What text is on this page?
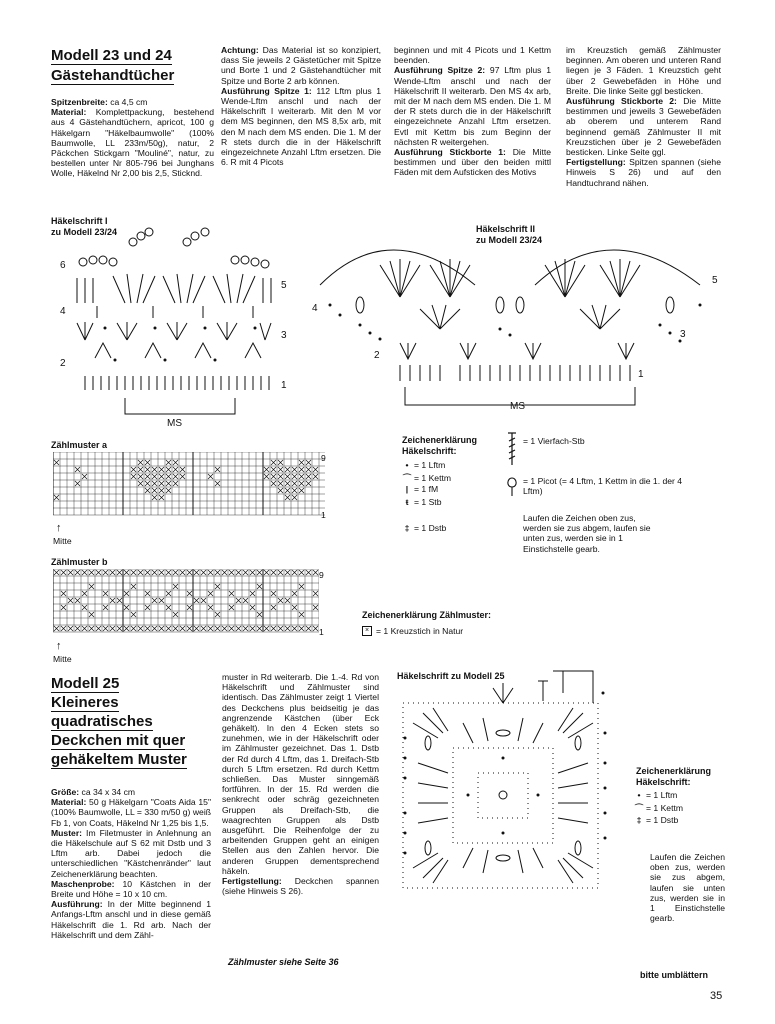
Modell 23 und 24
Gästehandtücher

Spitzenbreite: ca 4,5 cm

Material: Komplettpackung, bestehend aus 4 Gästehandtüchern, apricot, 100 g Häkelgarn "Häkelbaumwolle" (100% Baumwolle, LL 233m/50g), natur, 2 Päckchen Stickgarn "Mouliné", natur, zu bestellen unter Nr 805-796 bei Junghans Wolle, Häkelnd Nr 2,00 bis 2,5, Sticknd.

Achtung: Das Material ist so konzipiert, dass Sie jeweils 2 Gästetücher mit Spitze und Borte 1 und 2 Gästehandtücher mit Spitze und Borte 2 arb können.

Ausführung Spitze 1: 112 Lftm plus 1 Wende-Lftm anschl und nach der Häkelschrift I weiterarb. Mit den M vor dem MS beginnen, den MS 8,5x arb, mit den M nach dem MS enden. Die 1. M der R stets durch die in der Häkelschrift eingezeichnete Anzahl Lftm ersetzen. Die 6. R mit 4 Picots

beginnen und mit 4 Picots und 1 Kettm beenden.

Ausführung Spitze 2: 97 Lftm plus 1 Wende-Lftm anschl und nach der Häkelschrift II weiterarb. Den MS 4x arb, mit der M nach dem MS enden. Die 1. M der R stets durch die in der Häkelschrift eingezeichnete Anzahl Lftm ersetzen. Evtl mit Kettm bis zum Beginn der nächsten R weitergehen.

Ausführung Stickborte 1: Die Mitte bestimmen und über den beiden mittl Fäden mit dem Aufsticken des Motivs

im Kreuzstich gemäß Zählmuster beginnen. Am oberen und unteren Rand liegen je 3 Fäden. 1 Kreuzstich geht über 2 Gewebefäden in Höhe und Breite. Die linke Seite ggl besticken.

Ausführung Stickborte 2: Die Mitte bestimmen und jeweils 3 Gewebefäden ab oberem und unterem Rand beginnend gemäß Zählmuster II mit Kreuzstichen über je 2 Gewebefäden besticken. Linke Seite ggl.

Fertigstellung: Spitzen spannen (siehe Hinweis S 26) und auf den Handtuchrand nähen.

Häkelschrift I
zu Modell 23/24
6
5
4
3
2
1
MS
Häkelschrift II
zu Modell 23/24
5
4
3
2
1
MS
Zählmuster a
9
1
↑
Mitte
Zählmuster b
9
1
↑
Mitte
Zeichenerklärung
Häkelschrift:
• = 1 Lftm
⌒ = 1 Kettm
| = 1 fM
ŧ = 1 Stb
‡ = 1 Dstb
= 1 Vierfach-Stb
= 1 Picot (= 4 Lftm, 1 Kettm in die 1. der 4 Lftm)
Laufen die Zeichen oben zus, werden sie zus abgem, laufen sie unten zus, werden sie in 1 Einstichstelle gearb.
Zeichenerklärung Zählmuster:
× = 1 Kreuzstich in Natur
Modell 25
Kleineres
quadratisches
Deckchen mit quer
gehäkeltem Muster

Größe: ca 34 x 34 cm

Material: 50 g Häkelgarn "Coats Aida 15" (100% Baumwolle, LL = 330 m/50 g) weiß Fb 1, von Coats, Häkelnd Nr 1,25 bis 1,5.

Muster: Im Filetmuster in Anlehnung an die Häkelschule auf S 62 mit Dstb und 3 Lftm arb. Dabei jedoch die unterschiedlichen "Kästchenränder" laut Zeichenerklärung beachten.

Maschenprobe: 10 Kästchen in der Breite und Höhe = 10 x 10 cm.

Ausführung: In der Mitte beginnend 1 Anfangs-Lftm anschl und in diese gemäß Häkelschrift die 1. Rd arb. Nach der Häkelschrift und dem Zähl-

muster in Rd weiterarb. Die 1.-4. Rd von Häkelschrift und Zählmuster sind identisch. Das Zählmuster zeigt 1 Viertel des Deckchens plus beidseitig je das angrenzende Kästchen (über Eck gehäkelt). In den 4 Ecken stets so zunehmen, wie in der Häkelschrift oder im Zählmuster gezeichnet. Das 1. Dstb der Rd durch 4 Lftm, das 1. Dreifach-Stb durch 5 Lftm ersetzen. Rd durch Kettm schließen. Das Muster sinngemäß fortführen. In der 15. Rd werden die senkrecht oder schräg gezeichneten Gruppen als Dreifach-Stb, die waagrechten Gruppen als Dstb ausgeführt. Die Reihenfolge der zu arbeitenden Gruppen geht an einigen Stellen aus den Zahlen hervor. Die anderen Gruppen dementsprechend häkeln.

Fertigstellung: Deckchen spannen (siehe Hinweis S 26).

Zählmuster siehe Seite 36
Häkelschrift zu Modell 25
Zeichenerklärung
Häkelschrift:
• = 1 Lftm
⌒ = 1 Kettm
‡ = 1 Dstb
Laufen die Zeichen oben zus, werden sie zus abgem, laufen sie unten zus, werden sie in 1 Einstichstelle gearb.
bitte umblättern
35
